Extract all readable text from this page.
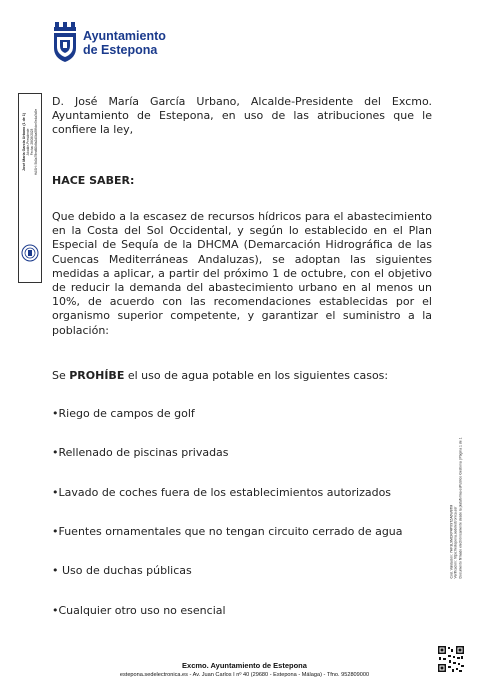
Ayuntamiento
de Estepona
José María García Urbano (1 de 1) Alcalde-Presidente Fecha: 28/09/2023 HASH: 5b0a78ed60b8a2d0ba58fcbe5e4a3d9e
D. José María García Urbano, Alcalde-Presidente del Excmo. Ayuntamiento de Estepona, en uso de las atribuciones que le confiere la ley,
HACE SABER:
Que debido a la escasez de recursos hídricos para el abastecimiento en la Costa del Sol Occidental, y según lo establecido en el Plan Especial de Sequía de la DHCMA (Demarcación Hidrográfica de las Cuencas Mediterráneas Andaluzas), se adoptan las siguientes medidas a aplicar, a partir del próximo 1 de octubre, con el objetivo de reducir la demanda del abastecimiento urbano en al menos un 10%, de acuerdo con las recomendaciones establecidas por el organismo superior competente, y garantizar el suministro a la población:
Se PROHÍBE el uso de agua potable en los siguientes casos:
•Riego de campos de golf
•Rellenado de piscinas privadas
•Lavado de coches fuera de los establecimientos autorizados
•Fuentes ornamentales que no tengan circuito cerrado de agua
• Uso de duchas públicas
•Cualquier otro uso no esencial
Cód. Validación: 7HF3L9MCKP4PX9TZA6W8TM Verificación: https://estepona.sedelectronica.es/ Documento firmado electrónicamente desde la plataforma esPublico Gestiona | Página 1 de 1
Excmo. Ayuntamiento de Estepona
estepona.sedelectronica.es - Av. Juan Carlos I nº 40 (29680 - Estepona - Málaga) - Tfno. 952809000
